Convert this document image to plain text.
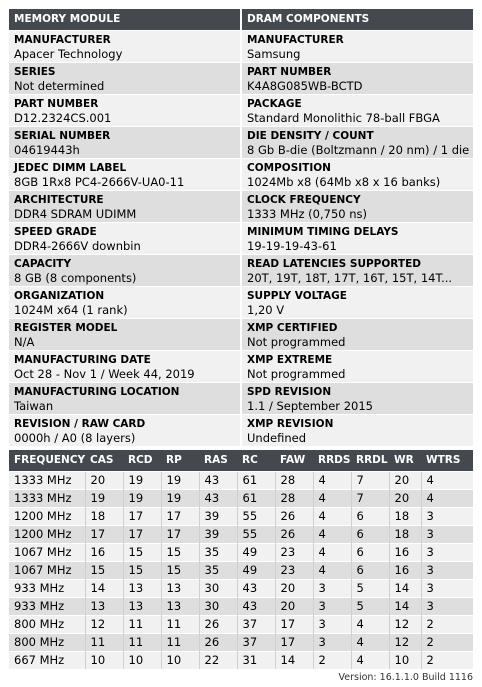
MEMORY MODULE
MANUFACTURER
Apacer Technology
SERIES
Not determined
PART NUMBER
D12.2324CS.001
SERIAL NUMBER
04619443h
JEDEC DIMM LABEL
8GB 1Rx8 PC4-2666V-UA0-11
ARCHITECTURE
DDR4 SDRAM UDIMM
SPEED GRADE
DDR4-2666V downbin
CAPACITY
8 GB (8 components)
ORGANIZATION
1024M x64 (1 rank)
REGISTER MODEL
N/A
MANUFACTURING DATE
Oct 28 - Nov 1 / Week 44, 2019
MANUFACTURING LOCATION
Taiwan
REVISION / RAW CARD
0000h / A0 (8 layers)
DRAM COMPONENTS
MANUFACTURER
Samsung
PART NUMBER
K4A8G085WB-BCTD
PACKAGE
Standard Monolithic 78-ball FBGA
DIE DENSITY / COUNT
8 Gb B-die (Boltzmann / 20 nm) / 1 die
COMPOSITION
1024Mb x8 (64Mb x8 x 16 banks)
CLOCK FREQUENCY
1333 MHz (0,750 ns)
MINIMUM TIMING DELAYS
19-19-19-43-61
READ LATENCIES SUPPORTED
20T, 19T, 18T, 17T, 16T, 15T, 14T...
SUPPLY VOLTAGE
1,20 V
XMP CERTIFIED
Not programmed
XMP EXTREME
Not programmed
SPD REVISION
1.1 / September 2015
XMP REVISION
Undefined
FREQUENCY	CAS	RCD	RP	RAS	RC	FAW	RRDS	RRDL	WR	WTRS
1333 MHz	20	19	19	43	61	28	4	7	20	4
1333 MHz	19	19	19	43	61	28	4	7	20	4
1200 MHz	18	17	17	39	55	26	4	6	18	3
1200 MHz	17	17	17	39	55	26	4	6	18	3
1067 MHz	16	15	15	35	49	23	4	6	16	3
1067 MHz	15	15	15	35	49	23	4	6	16	3
933 MHz	14	13	13	30	43	20	3	5	14	3
933 MHz	13	13	13	30	43	20	3	5	14	3
800 MHz	12	11	11	26	37	17	3	4	12	2
800 MHz	11	11	11	26	37	17	3	4	12	2
667 MHz	10	10	10	22	31	14	2	4	10	2
Version: 16.1.1.0 Build 1116
